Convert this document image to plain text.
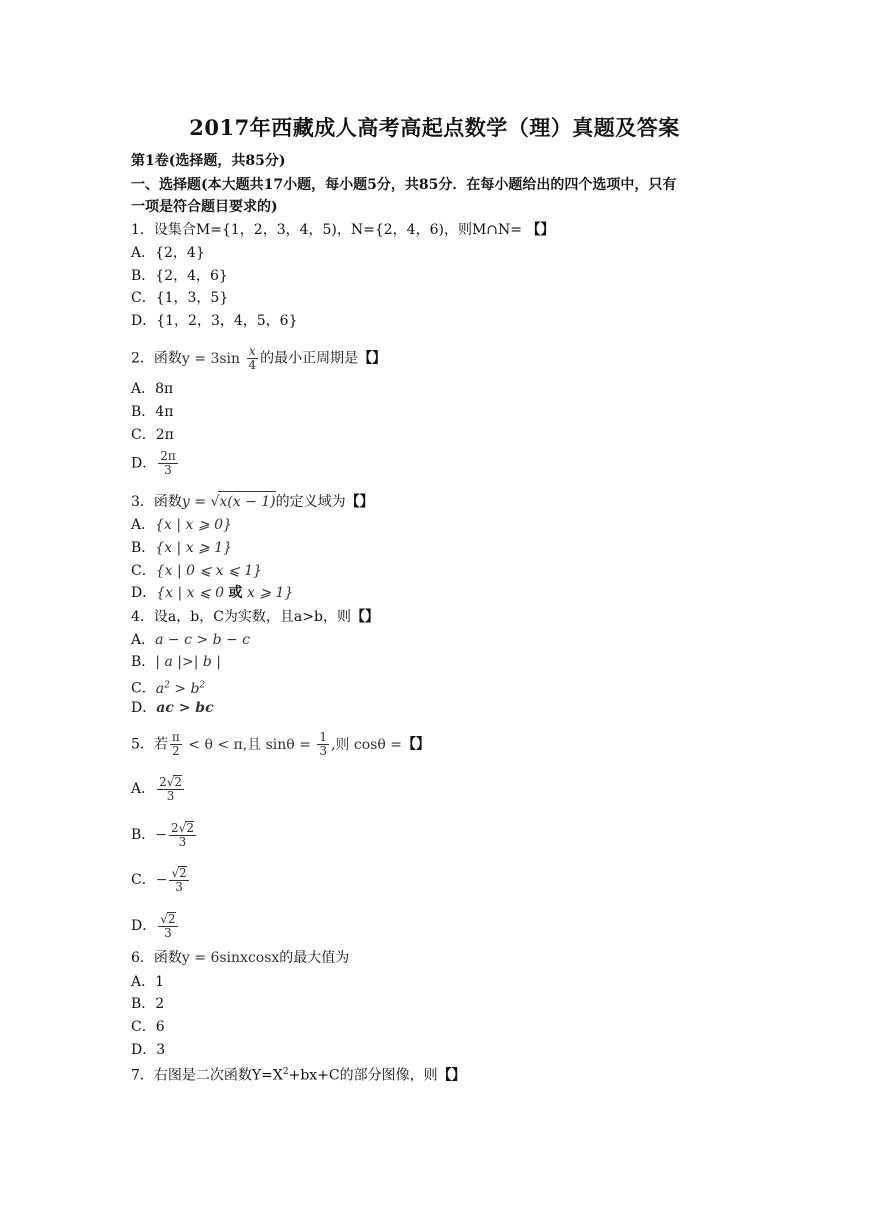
2017年西藏成人高考高起点数学（理）真题及答案
第1卷(选择题，共85分)
一、选择题(本大题共17小题，每小题5分，共85分．在每小题给出的四个选项中，只有
一项是符合题目要求的)
1．设集合M={1，2，3，4，5)，N={2，4，6)，则M∩N= 【】
A．{2，4}
B．{2，4，6}
C．{1，3，5}
D．{1，2，3，4，5，6}
2．函数$y = 3\sin \frac{x}{4}$ 的最小正周期是【】
A．8π
B．4π
C．2π
D． $\frac{2\pi}{3}$
3．函数y = √x(x − 1)的定义域为【】
A．{x | x ⩾ 0}
B．{x | x ⩾ 1}
C．{x | 0 ⩽ x ⩽ 1}
D．{x | x ⩽ 0 或 x ⩾ 1}
4．设a，b，C为实数，且a>b，则【】
A．a − c > b − c
B．| a |>| b |
C．$a^2 > b^2$
D．ac > bc
5．若 $\frac{\pi}{2} < \theta < \pi$,且 $\sin\theta = \frac{1}{3}$ ,则 cosθ =【】
A． $\frac{2√2}{3}$
B．− $\frac{2√2}{3}$
C．− $\frac{√2}{3}$
D． $\frac{√2}{3}$
6．函数y = 6sinxcosx的最大值为
A．1
B．2
C．6
D．3
7．右图是二次函数$Y=X^2+bx+C$的部分图像，则【】
